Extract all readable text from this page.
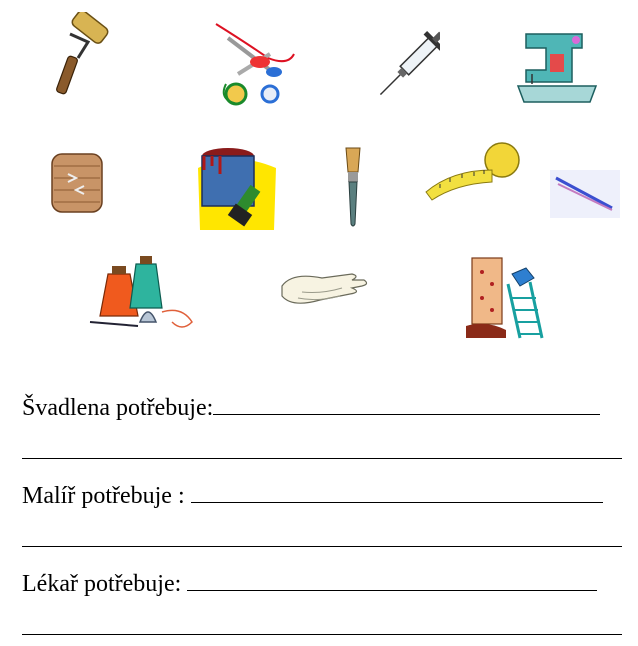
Švadlena potřebuje:
Malíř potřebuje :
Lékař potřebuje:
